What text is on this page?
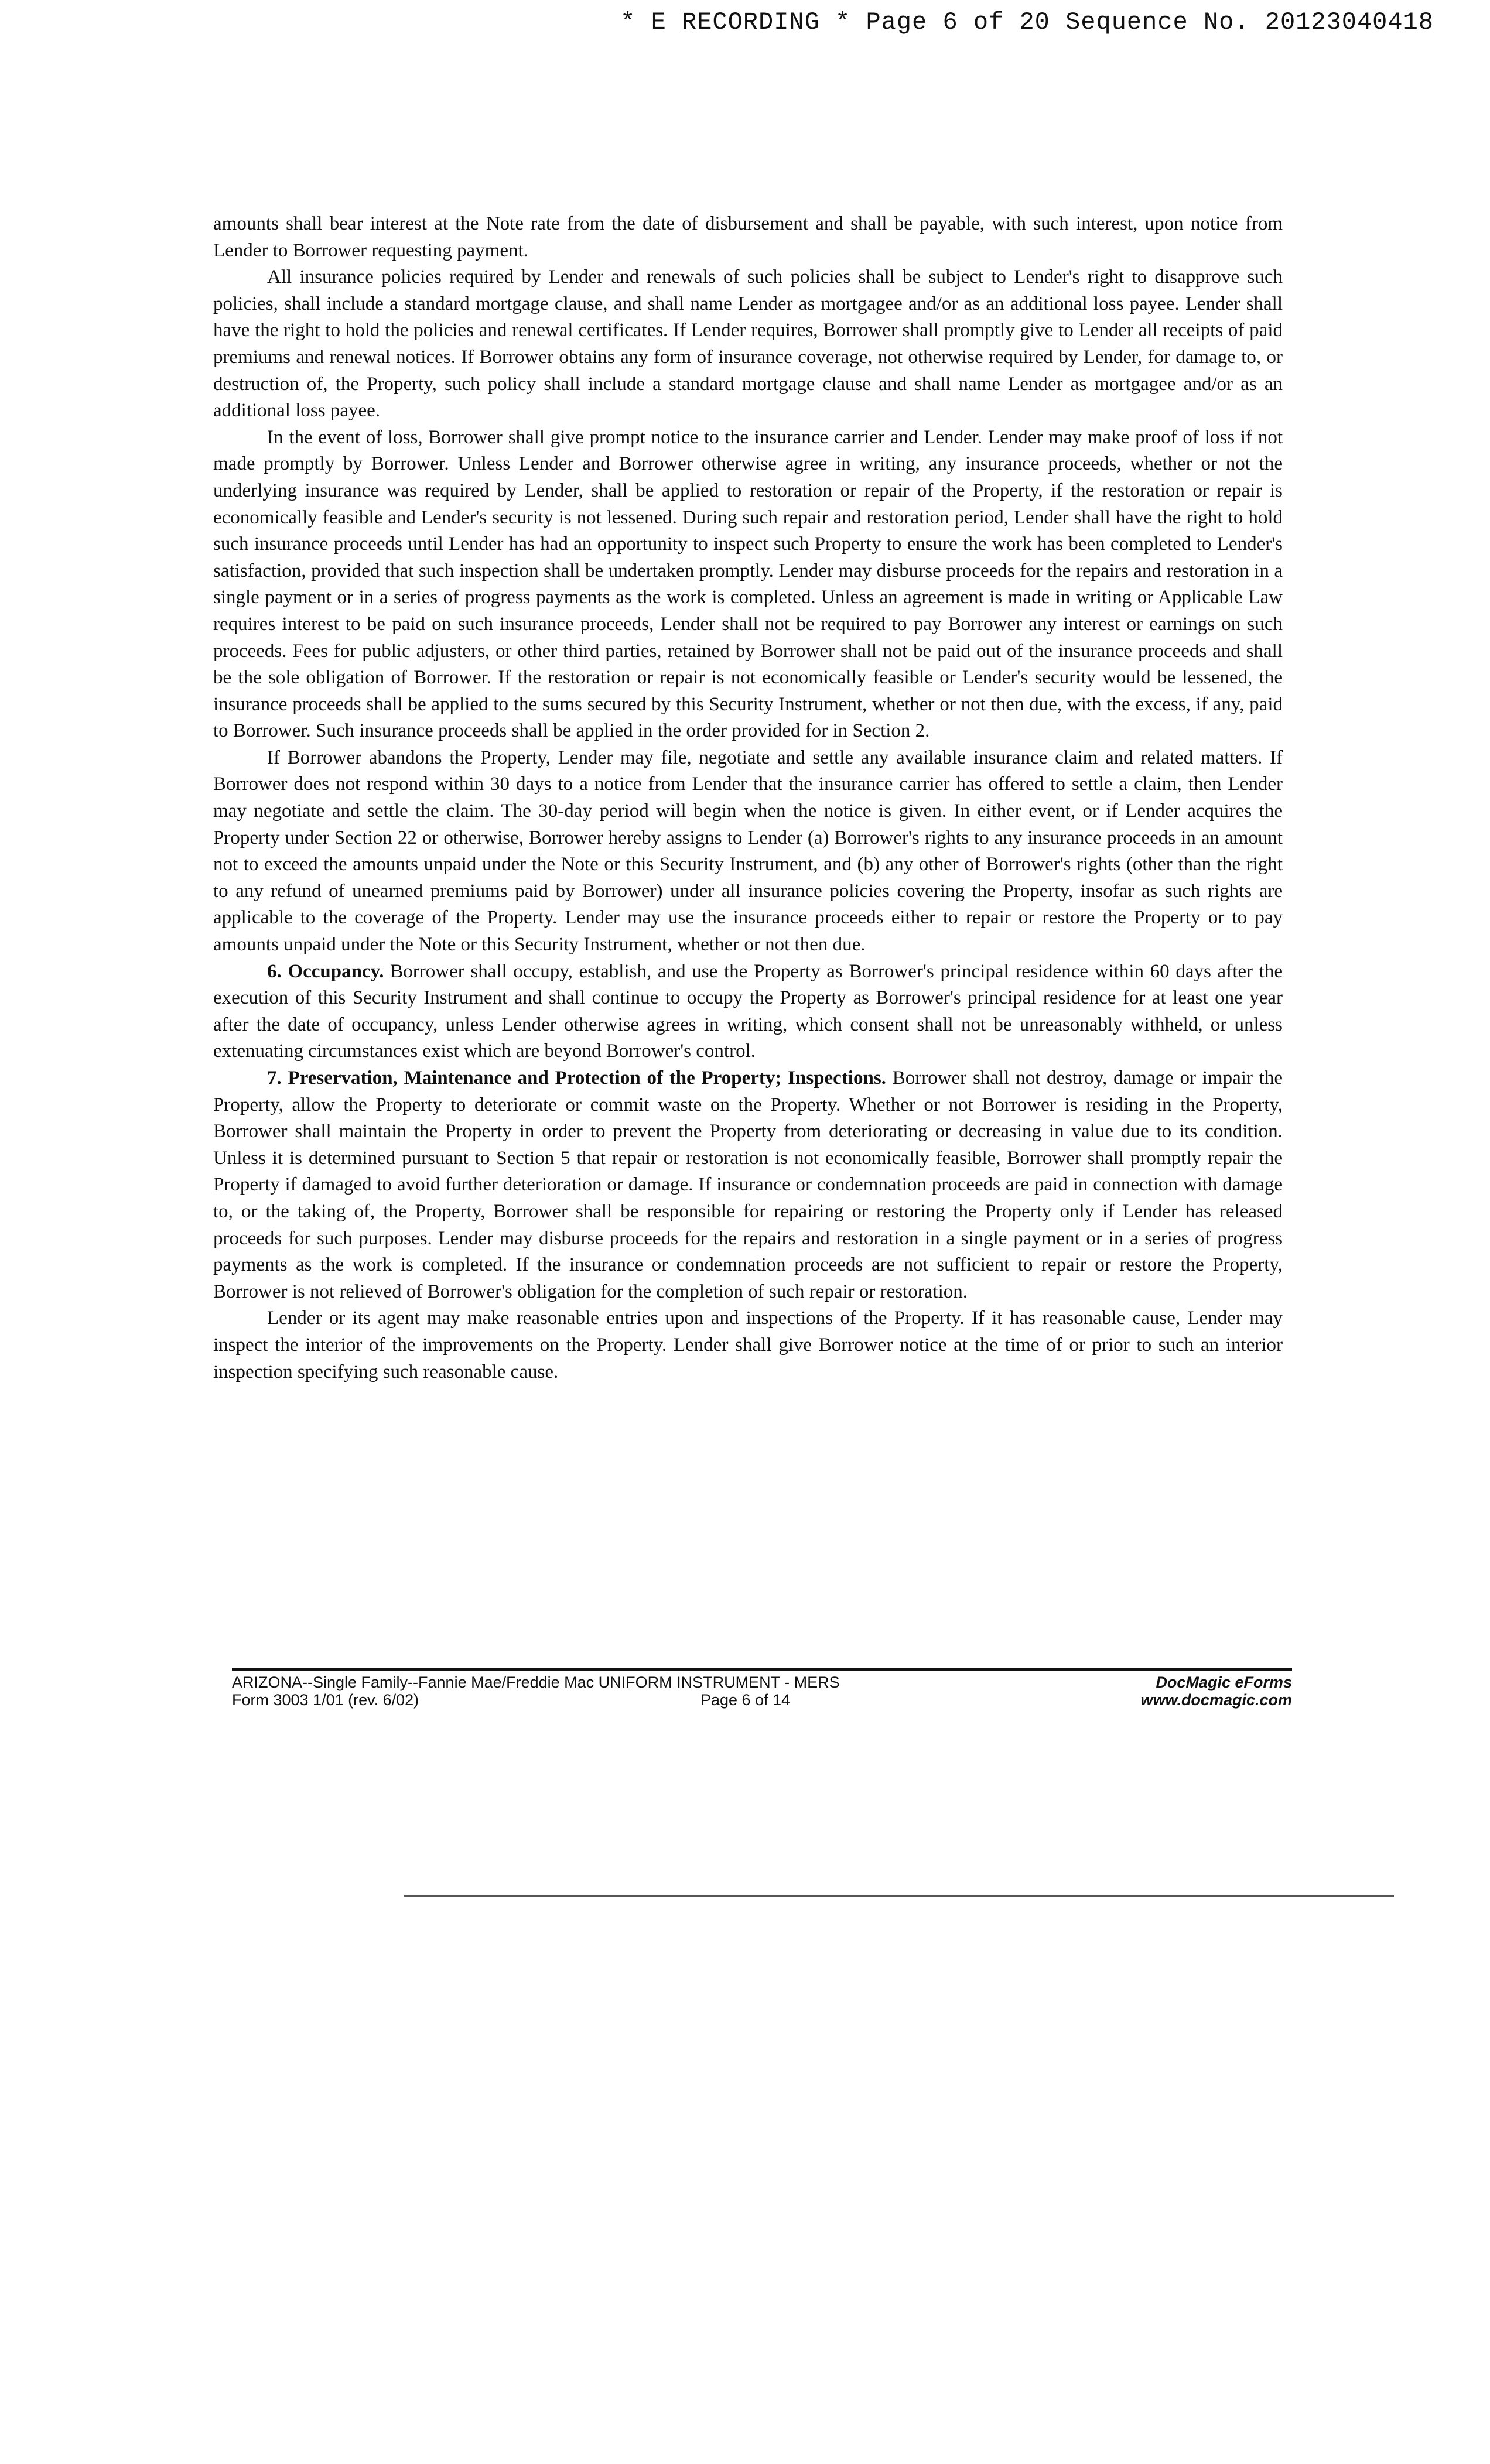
* E RECORDING * Page 6 of 20 Sequence No. 20123040418

amounts shall bear interest at the Note rate from the date of disbursement and shall be payable, with such interest, upon notice from Lender to Borrower requesting payment.

All insurance policies required by Lender and renewals of such policies shall be subject to Lender's right to disapprove such policies, shall include a standard mortgage clause, and shall name Lender as mortgagee and/or as an additional loss payee. Lender shall have the right to hold the policies and renewal certificates. If Lender requires, Borrower shall promptly give to Lender all receipts of paid premiums and renewal notices. If Borrower obtains any form of insurance coverage, not otherwise required by Lender, for damage to, or destruction of, the Property, such policy shall include a standard mortgage clause and shall name Lender as mortgagee and/or as an additional loss payee.

In the event of loss, Borrower shall give prompt notice to the insurance carrier and Lender. Lender may make proof of loss if not made promptly by Borrower. Unless Lender and Borrower otherwise agree in writing, any insurance proceeds, whether or not the underlying insurance was required by Lender, shall be applied to restoration or repair of the Property, if the restoration or repair is economically feasible and Lender's security is not lessened. During such repair and restoration period, Lender shall have the right to hold such insurance proceeds until Lender has had an opportunity to inspect such Property to ensure the work has been completed to Lender's satisfaction, provided that such inspection shall be undertaken promptly. Lender may disburse proceeds for the repairs and restoration in a single payment or in a series of progress payments as the work is completed. Unless an agreement is made in writing or Applicable Law requires interest to be paid on such insurance proceeds, Lender shall not be required to pay Borrower any interest or earnings on such proceeds. Fees for public adjusters, or other third parties, retained by Borrower shall not be paid out of the insurance proceeds and shall be the sole obligation of Borrower. If the restoration or repair is not economically feasible or Lender's security would be lessened, the insurance proceeds shall be applied to the sums secured by this Security Instrument, whether or not then due, with the excess, if any, paid to Borrower. Such insurance proceeds shall be applied in the order provided for in Section 2.

If Borrower abandons the Property, Lender may file, negotiate and settle any available insurance claim and related matters. If Borrower does not respond within 30 days to a notice from Lender that the insurance carrier has offered to settle a claim, then Lender may negotiate and settle the claim. The 30-day period will begin when the notice is given. In either event, or if Lender acquires the Property under Section 22 or otherwise, Borrower hereby assigns to Lender (a) Borrower's rights to any insurance proceeds in an amount not to exceed the amounts unpaid under the Note or this Security Instrument, and (b) any other of Borrower's rights (other than the right to any refund of unearned premiums paid by Borrower) under all insurance policies covering the Property, insofar as such rights are applicable to the coverage of the Property. Lender may use the insurance proceeds either to repair or restore the Property or to pay amounts unpaid under the Note or this Security Instrument, whether or not then due.

6. Occupancy. Borrower shall occupy, establish, and use the Property as Borrower's principal residence within 60 days after the execution of this Security Instrument and shall continue to occupy the Property as Borrower's principal residence for at least one year after the date of occupancy, unless Lender otherwise agrees in writing, which consent shall not be unreasonably withheld, or unless extenuating circumstances exist which are beyond Borrower's control.

7. Preservation, Maintenance and Protection of the Property; Inspections. Borrower shall not destroy, damage or impair the Property, allow the Property to deteriorate or commit waste on the Property. Whether or not Borrower is residing in the Property, Borrower shall maintain the Property in order to prevent the Property from deteriorating or decreasing in value due to its condition. Unless it is determined pursuant to Section 5 that repair or restoration is not economically feasible, Borrower shall promptly repair the Property if damaged to avoid further deterioration or damage. If insurance or condemnation proceeds are paid in connection with damage to, or the taking of, the Property, Borrower shall be responsible for repairing or restoring the Property only if Lender has released proceeds for such purposes. Lender may disburse proceeds for the repairs and restoration in a single payment or in a series of progress payments as the work is completed. If the insurance or condemnation proceeds are not sufficient to repair or restore the Property, Borrower is not relieved of Borrower's obligation for the completion of such repair or restoration.

Lender or its agent may make reasonable entries upon and inspections of the Property. If it has reasonable cause, Lender may inspect the interior of the improvements on the Property. Lender shall give Borrower notice at the time of or prior to such an interior inspection specifying such reasonable cause.

ARIZONA--Single Family--Fannie Mae/Freddie Mac UNIFORM INSTRUMENT - MERS
Form 3003 1/01 (rev. 6/02)	Page 6 of 14
DocMagic eForms
www.docmagic.com
